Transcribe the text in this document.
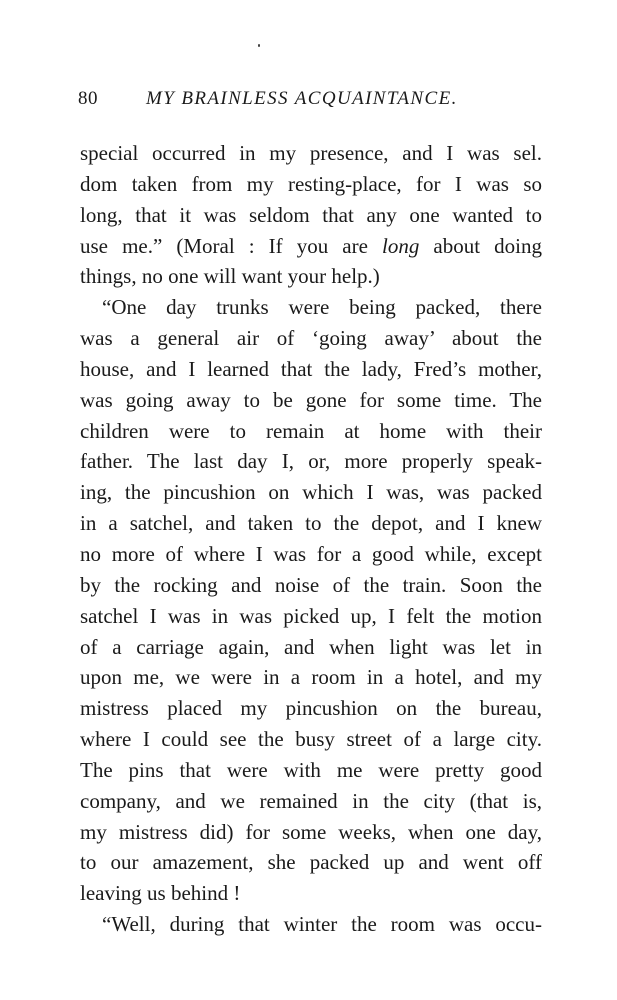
80	MY BRAINLESS ACQUAINTANCE.
special occurred in my presence, and I was sel.
dom taken from my resting-place, for I was so
long, that it was seldom that any one wanted to
use me.” (Moral : If you are long about doing
things, no one will want your help.)
“One day trunks were being packed, there
was a general air of ‘going away’ about the
house, and I learned that the lady, Fred’s mother,
was going away to be gone for some time. The
children were to remain at home with their
father. The last day I, or, more properly speak-
ing, the pincushion on which I was, was packed
in a satchel, and taken to the depot, and I knew
no more of where I was for a good while, except
by the rocking and noise of the train. Soon the
satchel I was in was picked up, I felt the motion
of a carriage again, and when light was let in
upon me, we were in a room in a hotel, and my
mistress placed my pincushion on the bureau,
where I could see the busy street of a large city.
The pins that were with me were pretty good
company, and we remained in the city (that is,
my mistress did) for some weeks, when one day,
to our amazement, she packed up and went off
leaving us behind !
“Well, during that winter the room was occu-
